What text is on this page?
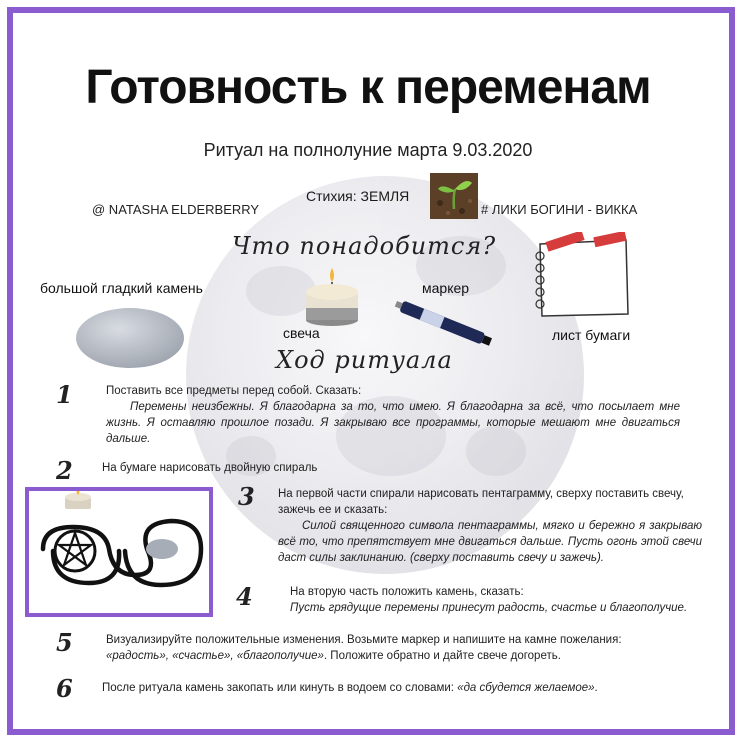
Готовность к переменам
Ритуал на полнолуние марта 9.03.2020
@ NATASHA ELDERBERRY
Стихия: ЗЕМЛЯ
# ЛИКИ БОГИНИ - ВИККА
Что понадобится?
большой гладкий камень
свеча
маркер
лист бумаги
Ход ритуала
1	Поставить все предметы перед собой. Сказать:
Перемены неизбежны. Я благодарна за то, что имею. Я благодарна за всё, что посылает мне жизнь. Я оставляю прошлое позади. Я закрываю все программы, которые мешают мне двигаться дальше.
2	На бумаге нарисовать двойную спираль
3 На первой части спирали нарисовать пентаграмму, сверху поставить свечу, зажечь ее и сказать:
Силой священного символа пентаграммы, мягко и бережно я закрываю всё то, что препятствует мне двигаться дальше. Пусть огонь этой свечи даст силы заклинанию. (сверху поставить свечу и зажечь).
4	На вторую часть положить камень, сказать:
Пусть грядущие перемены принесут радость, счастье и благополучие.
5	Визуализируйте положительные изменения. Возьмите маркер и напишите на камне пожелания:
«радость», «счастье», «благополучие». Положите обратно и дайте свече догореть.
6	После ритуала камень закопать или кинуть в водоем со словами: «да сбудется желаемое».
